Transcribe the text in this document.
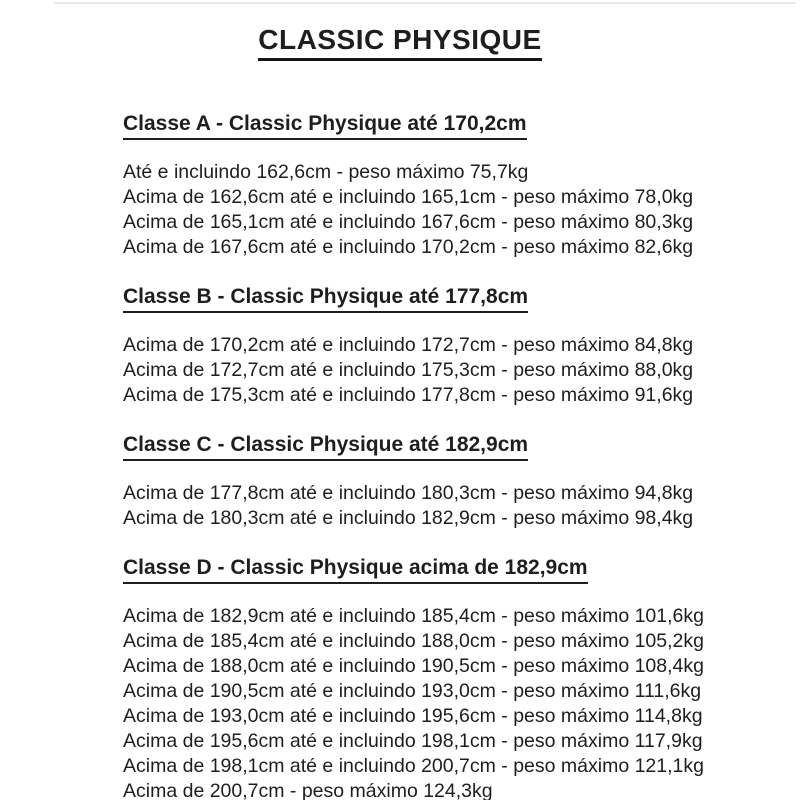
CLASSIC PHYSIQUE
Classe A - Classic Physique até 170,2cm
Até e incluindo 162,6cm - peso máximo 75,7kg
Acima de 162,6cm até e incluindo 165,1cm - peso máximo 78,0kg
Acima de 165,1cm até e incluindo 167,6cm - peso máximo 80,3kg
Acima de 167,6cm até e incluindo 170,2cm - peso máximo 82,6kg
Classe B - Classic Physique até 177,8cm
Acima de 170,2cm até e incluindo 172,7cm - peso máximo 84,8kg
Acima de 172,7cm até e incluindo 175,3cm - peso máximo 88,0kg
Acima de 175,3cm até e incluindo 177,8cm - peso máximo 91,6kg
Classe C - Classic Physique até 182,9cm
Acima de 177,8cm até e incluindo 180,3cm - peso máximo 94,8kg
Acima de 180,3cm até e incluindo 182,9cm - peso máximo 98,4kg
Classe D - Classic Physique acima de 182,9cm
Acima de 182,9cm até e incluindo 185,4cm - peso máximo 101,6kg
Acima de 185,4cm até e incluindo 188,0cm - peso máximo 105,2kg
Acima de 188,0cm até e incluindo 190,5cm - peso máximo 108,4kg
Acima de 190,5cm até e incluindo 193,0cm - peso máximo 111,6kg
Acima de 193,0cm até e incluindo 195,6cm - peso máximo 114,8kg
Acima de 195,6cm até e incluindo 198,1cm - peso máximo 117,9kg
Acima de 198,1cm até e incluindo 200,7cm - peso máximo 121,1kg
Acima de 200,7cm - peso máximo 124,3kg
